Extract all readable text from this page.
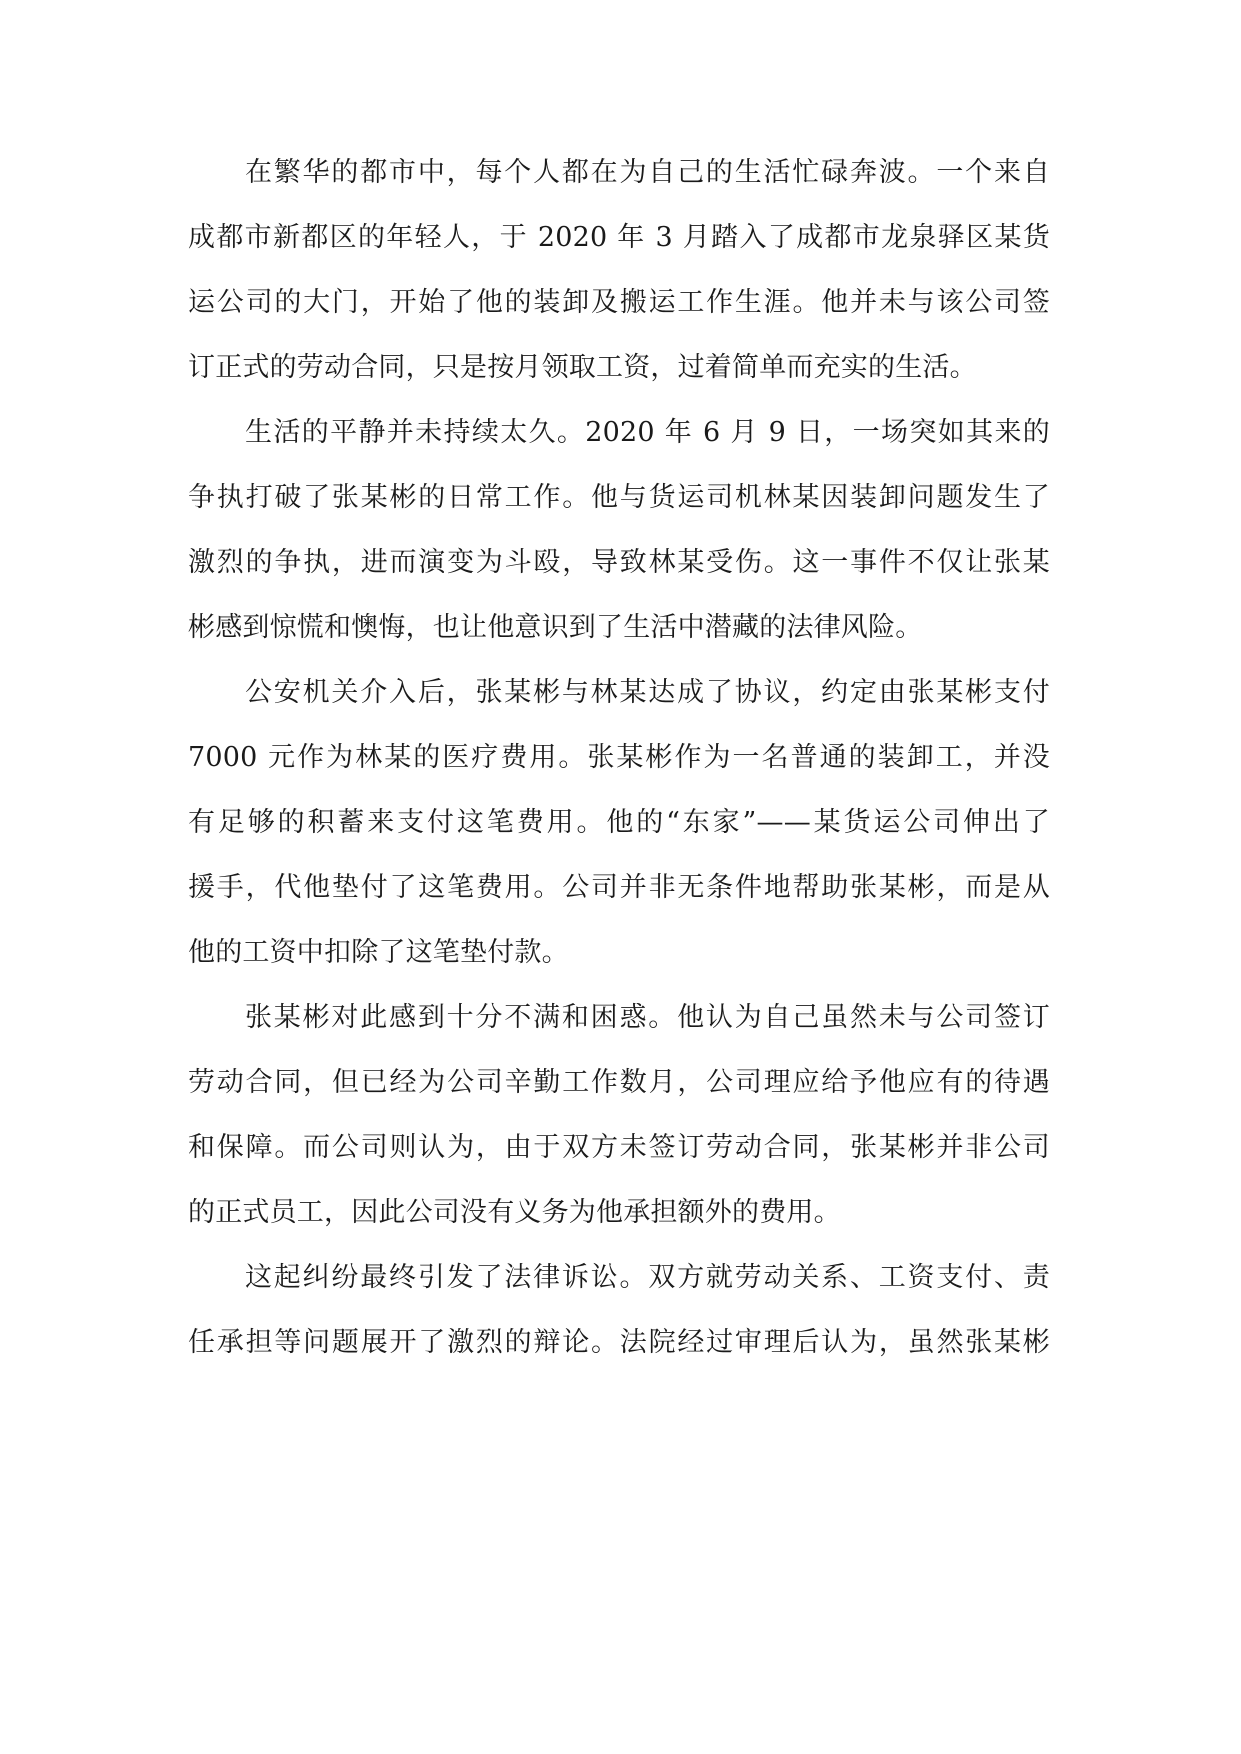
在繁华的都市中，每个人都在为自己的生活忙碌奔波。一个来自
成都市新都区的年轻人，于 2020 年 3 月踏入了成都市龙泉驿区某货
运公司的大门，开始了他的装卸及搬运工作生涯。他并未与该公司签
订正式的劳动合同，只是按月领取工资，过着简单而充实的生活。

生活的平静并未持续太久。2020 年 6 月 9 日，一场突如其来的
争执打破了张某彬的日常工作。他与货运司机林某因装卸问题发生了
激烈的争执，进而演变为斗殴，导致林某受伤。这一事件不仅让张某
彬感到惊慌和懊悔，也让他意识到了生活中潜藏的法律风险。

公安机关介入后，张某彬与林某达成了协议，约定由张某彬支付
7000 元作为林某的医疗费用。张某彬作为一名普通的装卸工，并没
有足够的积蓄来支付这笔费用。他的“东家”——某货运公司伸出了
援手，代他垫付了这笔费用。公司并非无条件地帮助张某彬，而是从
他的工资中扣除了这笔垫付款。

张某彬对此感到十分不满和困惑。他认为自己虽然未与公司签订
劳动合同，但已经为公司辛勤工作数月，公司理应给予他应有的待遇
和保障。而公司则认为，由于双方未签订劳动合同，张某彬并非公司
的正式员工，因此公司没有义务为他承担额外的费用。

这起纠纷最终引发了法律诉讼。双方就劳动关系、工资支付、责
任承担等问题展开了激烈的辩论。法院经过审理后认为，虽然张某彬
